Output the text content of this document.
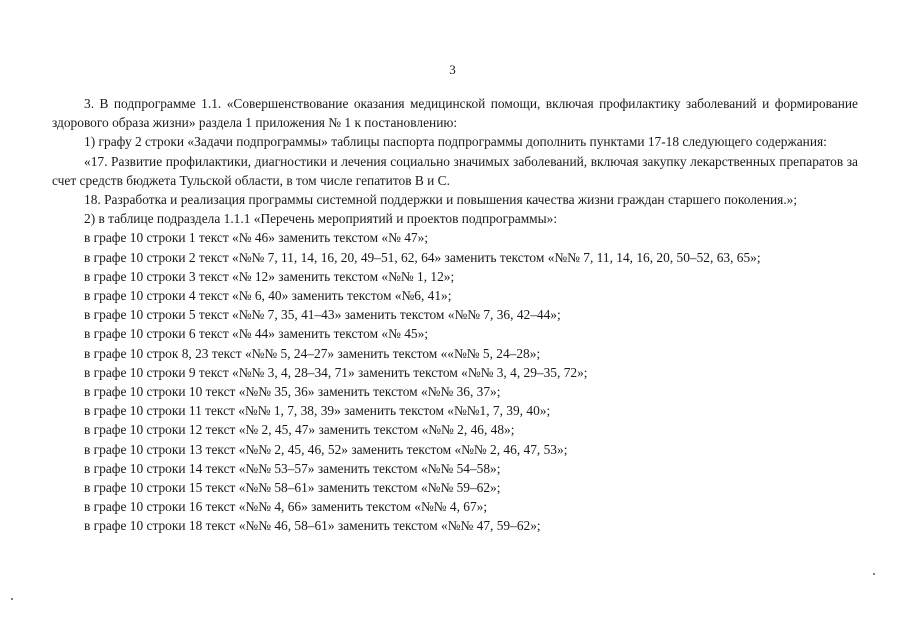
3

3. В подпрограмме 1.1. «Совершенствование оказания медицинской помощи, включая профилактику заболеваний и формирование здорового образа жизни» раздела 1 приложения № 1 к постановлению:

1) графу 2 строки «Задачи подпрограммы» таблицы паспорта подпрограммы дополнить пунктами 17-18 следующего содержания:

«17. Развитие профилактики, диагностики и лечения социально значимых заболеваний, включая закупку лекарственных препаратов за счет средств бюджета Тульской области, в том числе гепатитов В и С.

18. Разработка и реализация программы системной поддержки и повышения качества жизни граждан старшего поколения.»;

2) в таблице подраздела 1.1.1 «Перечень мероприятий и проектов подпрограммы»:

в графе 10 строки 1 текст «№ 46» заменить текстом «№ 47»;
в графе 10 строки 2 текст «№№ 7, 11, 14, 16, 20, 49–51, 62, 64» заменить текстом «№№ 7, 11, 14, 16, 20, 50–52, 63, 65»;
в графе 10 строки 3 текст «№ 12» заменить текстом «№№ 1, 12»;
в графе 10 строки 4 текст «№ 6, 40» заменить текстом «№6, 41»;
в графе 10 строки 5 текст «№№ 7, 35, 41–43» заменить текстом «№№ 7, 36, 42–44»;
в графе 10 строки 6 текст «№ 44» заменить текстом «№ 45»;
в графе 10 строк 8, 23 текст «№№ 5, 24–27» заменить текстом ««№№ 5, 24–28»;
в графе 10 строки 9 текст «№№ 3, 4, 28–34, 71» заменить текстом «№№ 3, 4, 29–35, 72»;
в графе 10 строки 10 текст «№№ 35, 36» заменить текстом «№№ 36, 37»;
в графе 10 строки 11 текст «№№ 1, 7, 38, 39» заменить текстом «№№1, 7, 39, 40»;
в графе 10 строки 12 текст «№ 2, 45, 47» заменить текстом «№№ 2, 46, 48»;
в графе 10 строки 13 текст «№№ 2, 45, 46, 52» заменить текстом «№№ 2, 46, 47, 53»;
в графе 10 строки 14 текст «№№ 53–57» заменить текстом «№№ 54–58»;
в графе 10 строки 15 текст «№№ 58–61» заменить текстом «№№ 59–62»;
в графе 10 строки 16 текст «№№ 4, 66» заменить текстом «№№ 4, 67»;
в графе 10 строки 18 текст «№№ 46, 58–61» заменить текстом «№№ 47, 59–62»;
